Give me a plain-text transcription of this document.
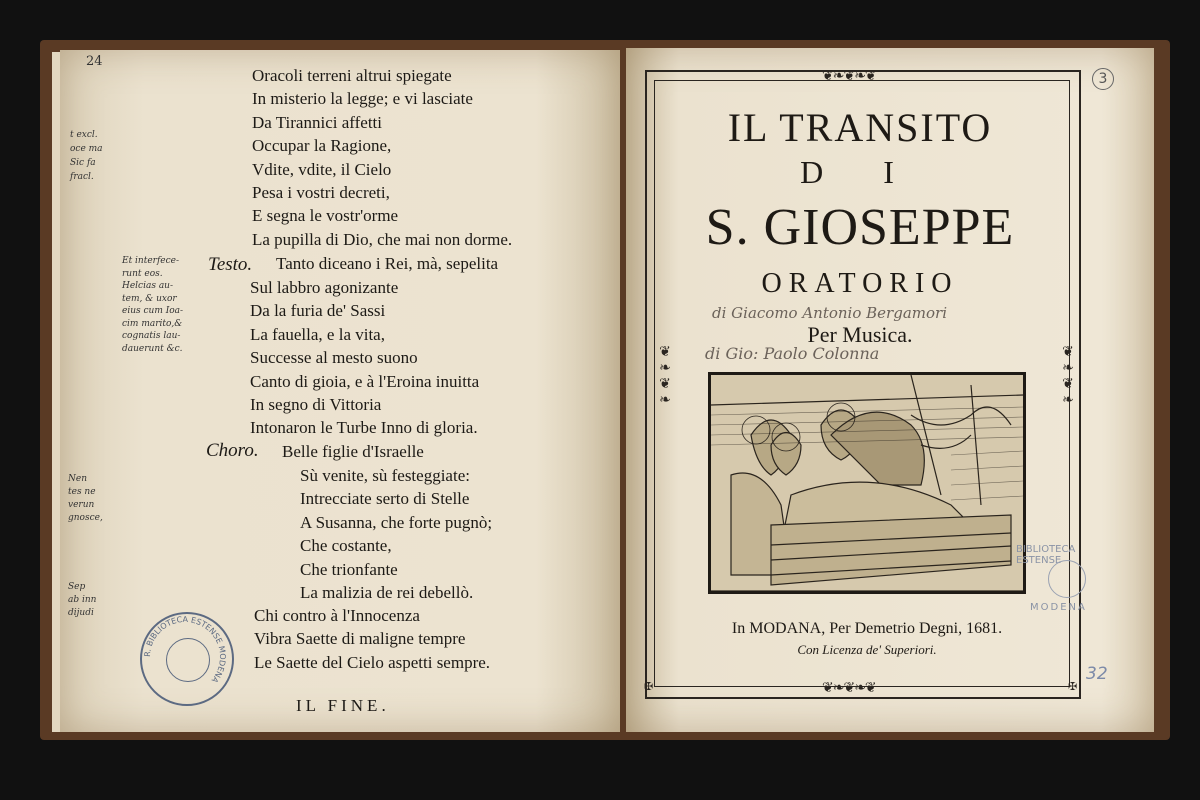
24
t excl.
oce ma
Sic fa
fracl.
Et interfece-
runt eos.
Helcias au-
tem, & uxor
eius cum Ioa-
cim marito,&
cognatis lau-
dauerunt &c.
Nen
tes ne
verun
gnosce,
Sep
ab inn
dijudi
Oracoli terreni altrui spiegate
In misterio la legge; e vi lasciate
Da Tirannici affetti
Occupar la Ragione,
Vdite, vdite, il Cielo
Pesa i vostri decreti,
E segna le vostr'orme
La pupilla di Dio, che mai non dorme.
Tanto diceano i Rei, mà, sepelita
Sul labbro agonizante
Da la furia de' Sassi
La fauella, e la vita,
Successe al mesto suono
Canto di gioia, e à l'Eroina inuitta
In segno di Vittoria
Intonaron le Turbe Inno di gloria.
Belle figlie d'Israelle
Sù venite, sù festeggiate:
Intrecciate serto di Stelle
A Susanna, che forte pugnò;
Che costante,
Che trionfante
La malizia de rei debellò.
Chi contro à l'Innocenza
Vibra Saette di maligne tempre
Le Saette del Cielo aspetti sempre.
Testo.
Choro.
IL FINE.
R. BIBLIOTECA ESTENSE MODENA
3
❦❧❦❧❦
❦❧❦❧❦
❦❧❦❧	❦❧❦❧
✠	✠
IL TRANSITO
D I
S. GIOSEPPE
ORATORIO
di Giacomo Antonio Bergamori
Per Musica.
di Gio: Paolo Colonna
In MODANA, Per Demetrio Degni, 1681.
Con Licenza de' Superiori.
BIBLIOTECA ESTENSE
MODENA
32
